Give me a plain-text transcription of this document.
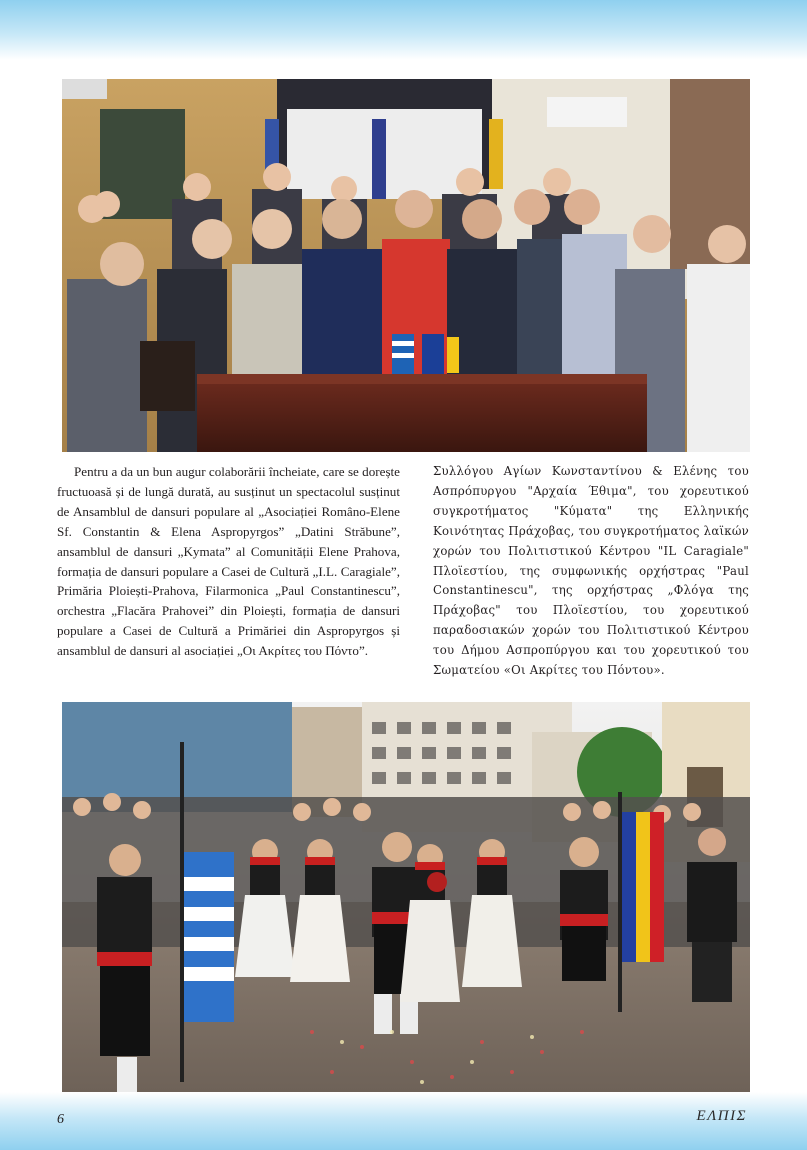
Pentru a da un bun augur colaborării încheiate, care se dorește fructuoasă și de lungă durată, au susținut un spectacolul susținut de Ansamblul de dansuri populare al „Asociației Româno-Elene Sf. Constantin & Elena Aspropyrgos” „Datini Străbune”, ansamblul de dansuri „Kymata” al Comunității Elene Prahova, formația de dansuri populare a Casei de Cultură „I.L. Caragiale”, Primăria Ploiești-Prahova, Filarmonica „Paul Constantinescu”, orchestra „Flacăra Prahovei” din Ploiești, formația de dansuri populare a Casei de Cultură a Primăriei din Aspropyrgos și ansamblul de dansuri al asociației „Οι Ακρίτες του Πόντο”.
Συλλόγου Αγίων Κωνσταντίνου & Ελένης του Ασπρόπυργου "Αρχαία Έθιμα", του χορευτικού συγκροτήματος "Κύματα" της Ελληνικής Κοινότητας Πράχοβας, του συγκροτήματος λαϊκών χορών του Πολιτιστικού Κέντρου "IL Caragiale" Πλοϊεστίου, της συμφωνικής ορχήστρας "Paul Constantinescu", της ορχήστρας „Φλόγα της Πράχοβας" του Πλοϊεστίου, του χορευτικού παραδοσιακών χορών του Πολιτιστικού Κέντρου του Δήμου Ασπροπύργου και του χορευτικού του Σωματείου «Οι Ακρίτες του Πόντου».
6	ΕΛΠΙΣ
